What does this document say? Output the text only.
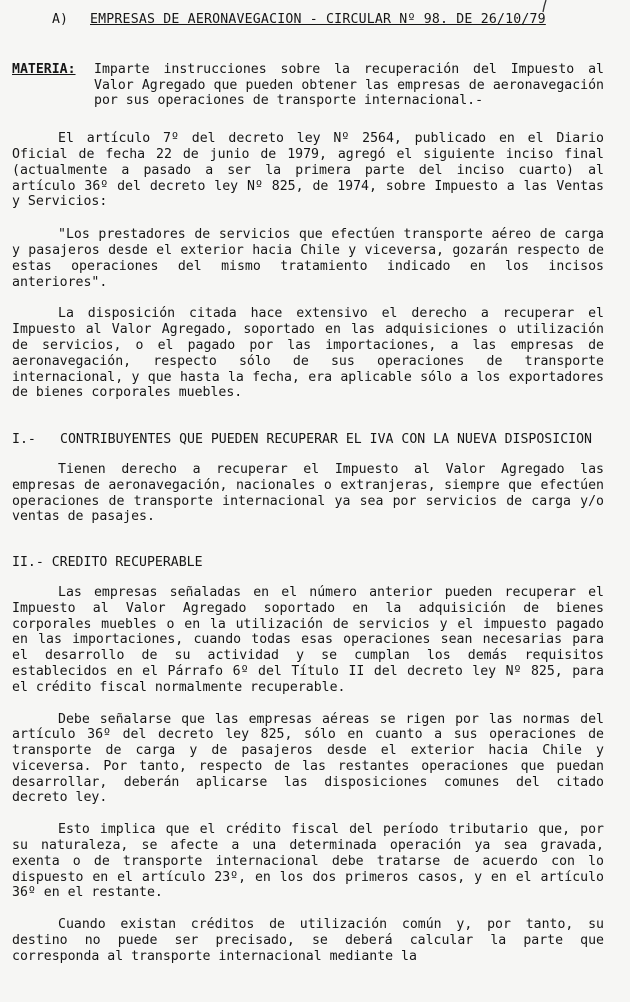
A)	EMPRESAS DE AERONAVEGACION - CIRCULAR Nº 98. DE 26/10/79
MATERIA:	Imparte instrucciones sobre la recuperación del Impuesto al Valor Agregado que pueden obtener las empresas de aeronavegación por sus operaciones de transporte internacional.-

El artículo 7º del decreto ley Nº 2564, publicado en el Diario Oficial de fecha 22 de junio de 1979, agregó el siguiente inciso final (actualmente a pasado a ser la primera parte del inciso cuarto) al artículo 36º del decreto ley Nº 825, de 1974, sobre Impuesto a las Ventas y Servicios:

"Los prestadores de servicios que efectúen transporte aéreo de carga y pasajeros desde el exterior hacia Chile y viceversa, gozarán respecto de estas operaciones del mismo tratamiento indicado en los incisos anteriores".

La disposición citada hace extensivo el derecho a recuperar el Impuesto al Valor Agregado, soportado en las adquisiciones o utilización de servicios, o el pagado por las importaciones, a las empresas de aeronavegación, respecto sólo de sus operaciones de transporte internacional, y que hasta la fecha, era aplicable sólo a los exportadores de bienes corporales muebles.

I.-	CONTRIBUYENTES QUE PUEDEN RECUPERAR EL IVA CON LA NUEVA DISPOSICION

Tienen derecho a recuperar el Impuesto al Valor Agregado las empresas de aeronavegación, nacionales o extranjeras, siempre que efectúen operaciones de transporte internacional ya sea por servicios de carga y/o ventas de pasajes.

II.- CREDITO RECUPERABLE

Las empresas señaladas en el número anterior pueden recuperar el Impuesto al Valor Agregado soportado en la adquisición de bienes corporales muebles o en la utilización de servicios y el impuesto pagado en las importaciones, cuando todas esas operaciones sean necesarias para el desarrollo de su actividad y se cumplan los demás requisitos establecidos en el Párrafo 6º del Título II del decreto ley Nº 825, para el crédito fiscal normalmente recuperable.

Debe señalarse que las empresas aéreas se rigen por las normas del artículo 36º del decreto ley 825, sólo en cuanto a sus operaciones de transporte de carga y de pasajeros desde el exterior hacia Chile y viceversa. Por tanto, respecto de las restantes operaciones que puedan desarrollar, deberán aplicarse las disposiciones comunes del citado decreto ley.

Esto implica que el crédito fiscal del período tributario que, por su naturaleza, se afecte a una determinada operación ya sea gravada, exenta o de transporte internacional debe tratarse de acuerdo con lo dispuesto en el artículo 23º, en los dos primeros casos, y en el artículo 36º en el restante.

Cuando existan créditos de utilización común y, por tanto, su destino no puede ser precisado, se deberá calcular la parte que corresponda al transporte internacional mediante la
